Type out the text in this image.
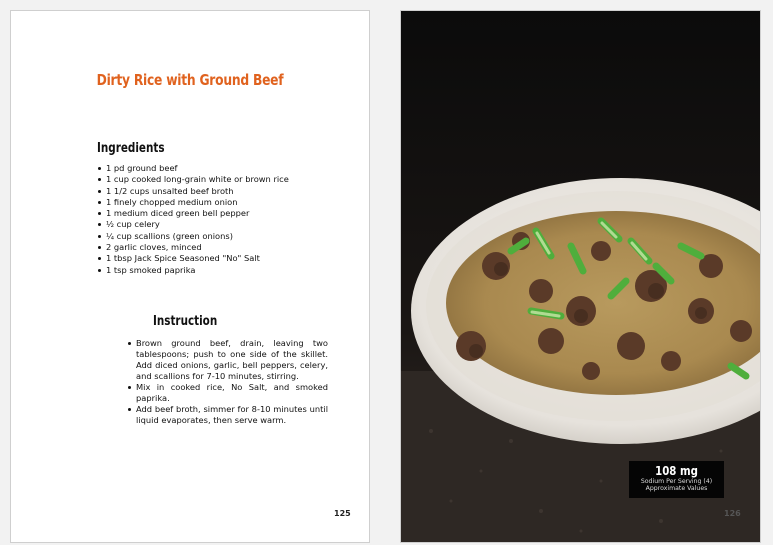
Dirty Rice with Ground Beef
Ingredients
1 pd ground beef
1 cup cooked long-grain white or brown rice
1 1/2 cups unsalted beef broth
1 finely chopped medium onion
1 medium diced green bell pepper
½ cup celery
¼ cup scallions (green onions)
2 garlic cloves, minced
1 tbsp Jack Spice Seasoned "No" Salt
1 tsp smoked paprika
Instruction
Brown ground beef, drain, leaving two tablespoons; push to one side of the skillet. Add diced onions, garlic, bell peppers, celery, and scallions for 7-10 minutes, stirring.
Mix in cooked rice, No Salt, and smoked paprika.
Add beef broth, simmer for 8-10 minutes until liquid evaporates, then serve warm.
125
108 mg
Sodium Per Serving (4)
Approximate Values
126
